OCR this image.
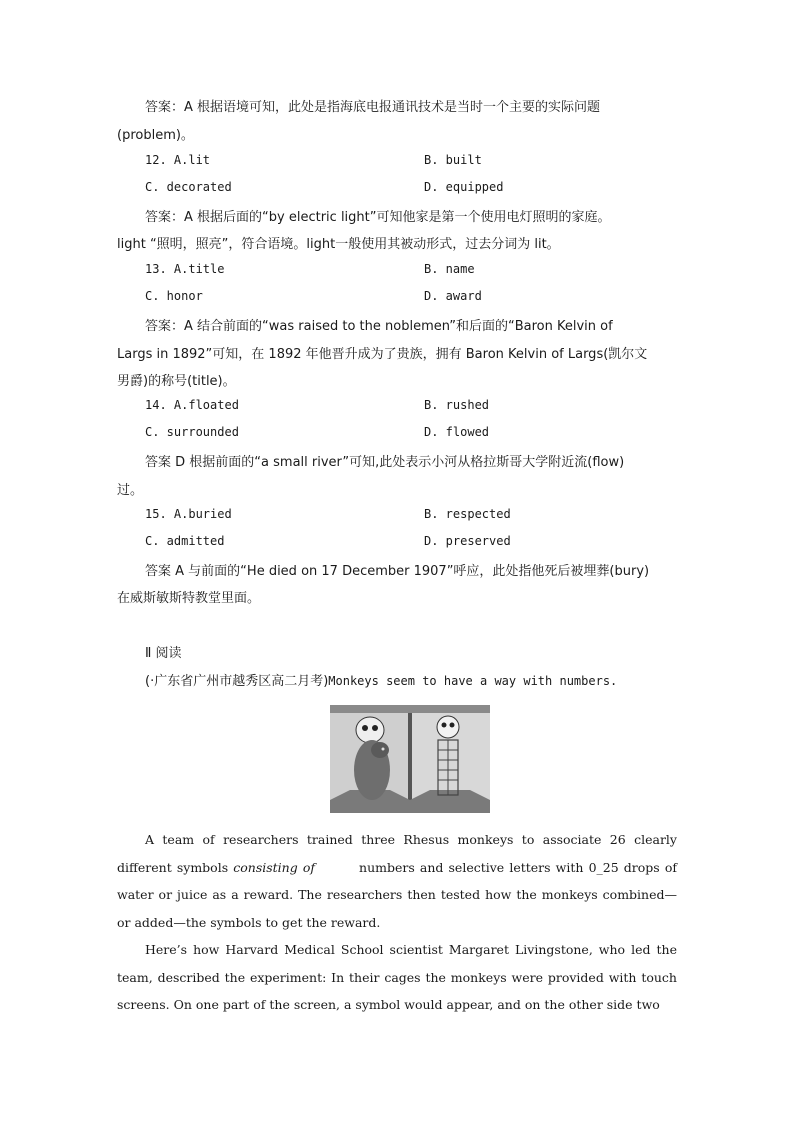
答案：A 根据语境可知，此处是指海底电报通讯技术是当时一个主要的实际问题
(problem)。
12. A.lit	B. built
C. decorated	D. equipped
答案：A 根据后面的“by electric light”可知他家是第一个使用电灯照明的家庭。
light “照明，照亮”，符合语境。light一般使用其被动形式，过去分词为 lit。
13. A.title	B. name
C. honor	D. award
答案：A 结合前面的“was raised to the noblemen”和后面的“Baron Kelvin of
Largs in 1892”可知，在 1892 年他晋升成为了贵族，拥有 Baron Kelvin of Largs(凯尔文
男爵)的称号(title)。
14. A.floated	B. rushed
C. surrounded	D. flowed
答案 D 根据前面的“a small river”可知,此处表示小河从格拉斯哥大学附近流(flow)
过。
15. A.buried	B. respected
C. admitted	D. preserved
答案 A 与前面的“He died on 17 December 1907”呼应，此处指他死后被埋葬(bury)
在威斯敏斯特教堂里面。
Ⅱ 阅读
(·广东省广州市越秀区高二月考)Monkeys seem to have a way with numbers.

A team of researchers trained three Rhesus monkeys to associate 26 clearly different symbols consisting of	numbers and selective letters with 0_25 drops of water or juice as a reward. The researchers then tested how the monkeys combined—or added—the symbols to get the reward.

Here’s how Harvard Medical School scientist Margaret Livingstone, who led the team, described the experiment: In their cages the monkeys were provided with touch screens. On one part of the screen, a symbol would appear, and on the other side two
